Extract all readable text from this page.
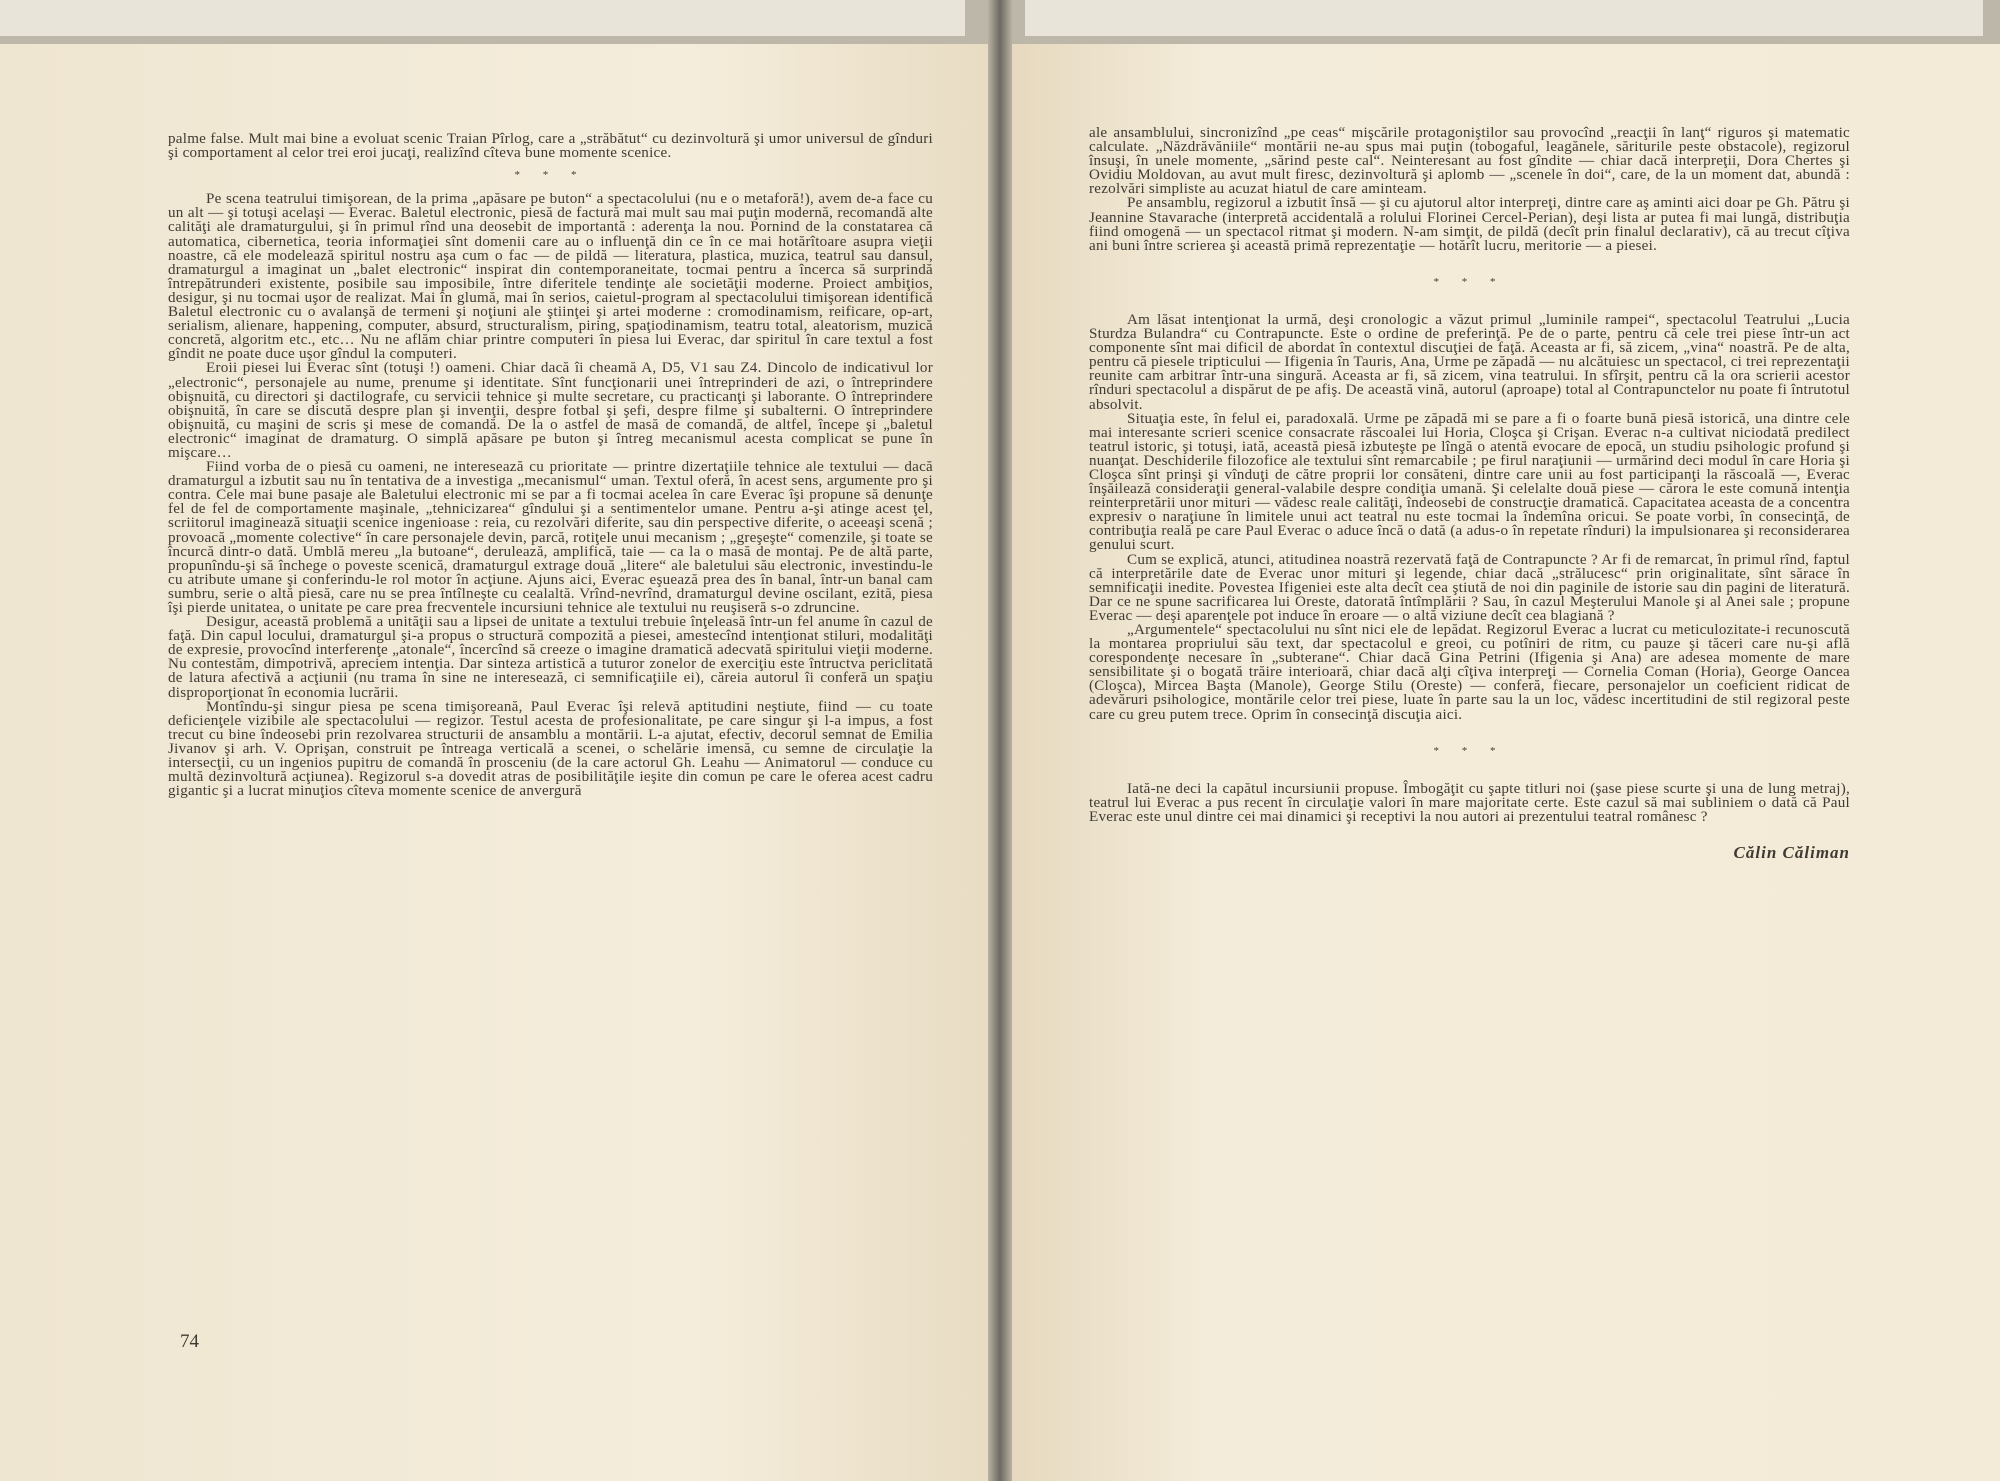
palme false. Mult mai bine a evoluat scenic Traian Pîrlog, care a „străbătut“ cu dezinvoltură şi umor universul de gînduri şi comportament al celor trei eroi jucaţi, realizînd cîteva bune momente scenice.

* * *

Pe scena teatrului timişorean, de la prima „apăsare pe buton“ a spectacolului (nu e o metaforă!), avem de-a face cu un alt — şi totuşi acelaşi — Everac. Baletul electronic, piesă de factură mai mult sau mai puţin modernă, recomandă alte calităţi ale dramaturgului, şi în primul rînd una deosebit de importantă : aderenţa la nou. Pornind de la constatarea că automatica, cibernetica, teoria informaţiei sînt domenii care au o influenţă din ce în ce mai hotărîtoare asupra vieţii noastre, că ele modelează spiritul nostru aşa cum o fac — de pildă — literatura, plastica, muzica, teatrul sau dansul, dramaturgul a imaginat un „balet electronic“ inspirat din contemporaneitate, tocmai pentru a încerca să surprindă întrepătrunderi existente, posibile sau imposibile, între diferitele tendinţe ale societăţii moderne. Proiect ambiţios, desigur, şi nu tocmai uşor de realizat. Mai în glumă, mai în serios, caietul-program al spectacolului timişorean identifică Baletul electronic cu o avalanşă de termeni şi noţiuni ale ştiinţei şi artei moderne : cromodinamism, reificare, op-art, serialism, alienare, happening, computer, absurd, structuralism, piring, spaţiodinamism, teatru total, aleatorism, muzică concretă, algoritm etc., etc… Nu ne aflăm chiar printre computeri în piesa lui Everac, dar spiritul în care textul a fost gîndit ne poate duce uşor gîndul la computeri.

Eroii piesei lui Everac sînt (totuşi !) oameni. Chiar dacă îi cheamă A, D5, V1 sau Z4. Dincolo de indicativul lor „electronic“, personajele au nume, prenume şi identitate. Sînt funcţionarii unei întreprinderi de azi, o întreprindere obişnuită, cu directori şi dactilografe, cu servicii tehnice şi multe secretare, cu practicanţi şi laborante. O întreprindere obişnuită, în care se discută despre plan şi invenţii, despre fotbal şi şefi, despre filme şi subalterni. O întreprindere obişnuită, cu maşini de scris şi mese de comandă. De la o astfel de masă de comandă, de altfel, începe şi „baletul electronic“ imaginat de dramaturg. O simplă apăsare pe buton şi întreg mecanismul acesta complicat se pune în mişcare…

Fiind vorba de o piesă cu oameni, ne interesează cu prioritate — printre dizertaţiile tehnice ale textului — dacă dramaturgul a izbutit sau nu în tentativa de a investiga „mecanismul“ uman. Textul oferă, în acest sens, argumente pro şi contra. Cele mai bune pasaje ale Baletului electronic mi se par a fi tocmai acelea în care Everac îşi propune să denunţe fel de fel de comportamente maşinale, „tehnicizarea“ gîndului şi a sentimentelor umane. Pentru a-şi atinge acest ţel, scriitorul imaginează situaţii scenice ingenioase : reia, cu rezolvări diferite, sau din perspective diferite, o aceeaşi scenă ; provoacă „momente colective“ în care personajele devin, parcă, rotiţele unui mecanism ; „greşeşte“ comenzile, şi toate se încurcă dintr-o dată. Umblă mereu „la butoane“, derulează, amplifică, taie — ca la o masă de montaj. Pe de altă parte, propunîndu-şi să închege o poveste scenică, dramaturgul extrage două „litere“ ale baletului său electronic, investindu-le cu atribute umane şi conferindu-le rol motor în acţiune. Ajuns aici, Everac eşuează prea des în banal, într-un banal cam sumbru, serie o altă piesă, care nu se prea întîlneşte cu cealaltă. Vrînd-nevrînd, dramaturgul devine oscilant, ezită, piesa îşi pierde unitatea, o unitate pe care prea frecventele incursiuni tehnice ale textului nu reuşiseră s-o zdruncine.

Desigur, această problemă a unităţii sau a lipsei de unitate a textului trebuie înţeleasă într-un fel anume în cazul de faţă. Din capul locului, dramaturgul şi-a propus o structură compozită a piesei, amestecînd intenţionat stiluri, modalităţi de expresie, provocînd interferenţe „atonale“, încercînd să creeze o imagine dramatică adecvată spiritului vieţii moderne. Nu contestăm, dimpotrivă, apreciem intenţia. Dar sinteza artistică a tuturor zonelor de exerciţiu este întructva periclitată de latura afectivă a acţiunii (nu trama în sine ne interesează, ci semnificaţiile ei), căreia autorul îi conferă un spaţiu disproporţionat în economia lucrării.

Montîndu-şi singur piesa pe scena timişoreană, Paul Everac îşi relevă aptitudini neştiute, fiind — cu toate deficienţele vizibile ale spectacolului — regizor. Testul acesta de profesionalitate, pe care singur şi l-a impus, a fost trecut cu bine îndeosebi prin rezolvarea structurii de ansamblu a montării. L-a ajutat, efectiv, decorul semnat de Emilia Jivanov şi arh. V. Oprişan, construit pe întreaga verticală a scenei, o schelărie imensă, cu semne de circulaţie la intersecţii, cu un ingenios pupitru de comandă în prosceniu (de la care actorul Gh. Leahu — Animatorul — conduce cu multă dezinvoltură acţiunea). Regizorul s-a dovedit atras de posibilităţile ieşite din comun pe care le oferea acest cadru gigantic şi a lucrat minuţios cîteva momente scenice de anvergură

74

ale ansamblului, sincronizînd „pe ceas“ mişcările protagoniştilor sau provocînd „reacţii în lanţ“ riguros şi matematic calculate. „Năzdrăvăniile“ montării ne-au spus mai puţin (tobogaful, leagănele, săriturile peste obstacole), regizorul însuşi, în unele momente, „sărind peste cal“. Neinteresant au fost gîndite — chiar dacă interpreţii, Dora Chertes şi Ovidiu Moldovan, au avut mult firesc, dezinvoltură şi aplomb — „scenele în doi“, care, de la un moment dat, abundă : rezolvări simpliste au acuzat hiatul de care aminteam.

Pe ansamblu, regizorul a izbutit însă — şi cu ajutorul altor interpreţi, dintre care aş aminti aici doar pe Gh. Pătru şi Jeannine Stavarache (interpretă accidentală a rolului Florinei Cercel-Perian), deşi lista ar putea fi mai lungă, distribuţia fiind omogenă — un spectacol ritmat şi modern. N-am simţit, de pildă (decît prin finalul declarativ), că au trecut cîţiva ani buni între scrierea şi această primă reprezentaţie — hotărît lucru, meritorie — a piesei.

* * *

Am lăsat intenţionat la urmă, deşi cronologic a văzut primul „luminile rampei“, spectacolul Teatrului „Lucia Sturdza Bulandra“ cu Contrapuncte. Este o ordine de preferinţă. Pe de o parte, pentru că cele trei piese într-un act componente sînt mai dificil de abordat în contextul discuţiei de faţă. Aceasta ar fi, să zicem, „vina“ noastră. Pe de alta, pentru că piesele tripticului — Ifigenia în Tauris, Ana, Urme pe zăpadă — nu alcătuiesc un spectacol, ci trei reprezentaţii reunite cam arbitrar într-una singură. Aceasta ar fi, să zicem, vina teatrului. In sfîrşit, pentru că la ora scrierii acestor rînduri spectacolul a dispărut de pe afiş. De această vină, autorul (aproape) total al Contrapunctelor nu poate fi întrutotul absolvit.

Situaţia este, în felul ei, paradoxală. Urme pe zăpadă mi se pare a fi o foarte bună piesă istorică, una dintre cele mai interesante scrieri scenice consacrate răscoalei lui Horia, Cloşca şi Crişan. Everac n-a cultivat niciodată predilect teatrul istoric, şi totuşi, iată, această piesă izbuteşte pe lîngă o atentă evocare de epocă, un studiu psihologic profund şi nuanţat. Deschiderile filozofice ale textului sînt remarcabile ; pe firul naraţiunii — urmărind deci modul în care Horia şi Cloşca sînt prinşi şi vînduţi de către proprii lor consăteni, dintre care unii au fost participanţi la răscoală —, Everac înşăilează consideraţii general-valabile despre condiţia umană. Şi celelalte două piese — cărora le este comună intenţia reinterpretării unor mituri — vădesc reale calităţi, îndeosebi de construcţie dramatică. Capacitatea aceasta de a concentra expresiv o naraţiune în limitele unui act teatral nu este tocmai la îndemîna oricui. Se poate vorbi, în consecinţă, de contribuţia reală pe care Paul Everac o aduce încă o dată (a adus-o în repetate rînduri) la impulsionarea şi reconsiderarea genului scurt.

Cum se explică, atunci, atitudinea noastră rezervată faţă de Contrapuncte ? Ar fi de remarcat, în primul rînd, faptul că interpretările date de Everac unor mituri şi legende, chiar dacă „strălucesc“ prin originalitate, sînt sărace în semnificaţii inedite. Povestea Ifigeniei este alta decît cea ştiută de noi din paginile de istorie sau din pagini de literatură. Dar ce ne spune sacrificarea lui Oreste, datorată întîmplării ? Sau, în cazul Meşterului Manole şi al Anei sale ; propune Everac — deşi aparenţele pot induce în eroare — o altă viziune decît cea blagiană ?

„Argumentele“ spectacolului nu sînt nici ele de lepădat. Regizorul Everac a lucrat cu meticulozitate-i recunoscută la montarea propriului său text, dar spectacolul e greoi, cu potîniri de ritm, cu pauze şi tăceri care nu-şi află corespondenţe necesare în „subterane“. Chiar dacă Gina Petrini (Ifigenia şi Ana) are adesea momente de mare sensibilitate şi o bogată trăire interioară, chiar dacă alţi cîţiva interpreţi — Cornelia Coman (Horia), George Oancea (Cloşca), Mircea Başta (Manole), George Stilu (Oreste) — conferă, fiecare, personajelor un coeficient ridicat de adevăruri psihologice, montările celor trei piese, luate în parte sau la un loc, vădesc incertitudini de stil regizoral peste care cu greu putem trece. Oprim în consecinţă discuţia aici.

* * *

Iată-ne deci la capătul incursiunii propuse. Îmbogăţit cu şapte titluri noi (şase piese scurte şi una de lung metraj), teatrul lui Everac a pus recent în circulaţie valori în mare majoritate certe. Este cazul să mai subliniem o dată că Paul Everac este unul dintre cei mai dinamici şi receptivi la nou autori ai prezentului teatral românesc ?

Călin Căliman
